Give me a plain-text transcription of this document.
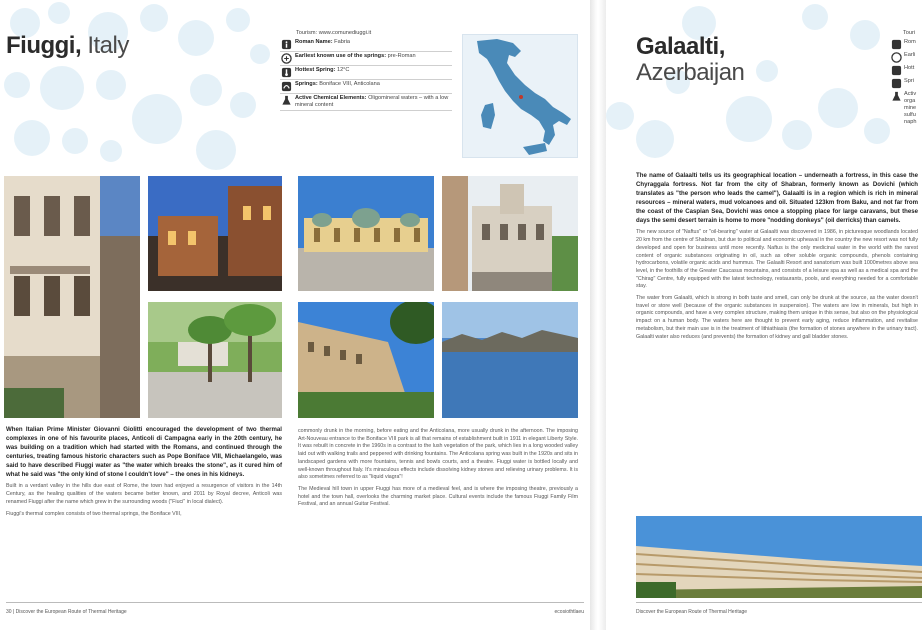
Fiuggi, Italy	Tourism: www.comunediuggi.it
Roman Name: Fabria
Earliest known use of the springs: pre-Roman
Hottest Spring: 12°C
Springs: Boniface VIII, Anticolana
Active Chemical Elements: Oligomineral waters – with a low mineral content

When Italian Prime Minister Giovanni Giolitti encouraged the development of two thermal complexes in one of his favourite places, Anticoli di Campagna early in the 20th century, he was building on a tradition which had started with the Romans, and continued through the centuries, treating famous historic characters such as Pope Boniface VIII, Michaelangelo, was said to have described Fiuggi water as "the water which breaks the stone", as it cured him of what he said was "the only kind of stone I couldn't love" – the ones in his kidneys.

Built in a verdant valley in the hills due east of Rome, the town had enjoyed a resurgence of visitors in the 14th Century, as the healing qualities of the waters became better known, and 2011 by Royal decree, Anticoli was renamed Fiuggi after the name which grew in the surrounding woods ("Fiuci" in local dialect).

Fiuggi's thermal complex consists of two thermal springs, the Boniface VIII,

commonly drunk in the morning, before eating and the Anticolana, more usually drunk in the afternoon. The imposing Art-Nouveau entrance to the Boniface VIII park is all that remains of establishment built in 1911 in elegant Liberty Style. It was rebuilt in concrete in the 1960s in a contrast to the lush vegetation of the park, which lies in a long wooded valley laid out with walking trails and peppered with drinking fountains. The Anticolana spring was built in the 1920s and sits in landscaped gardens with more fountains, tennis and bowls courts, and a theatre. Fiuggi water is bottled locally and well-known throughout Italy. It's miraculous effects include dissolving kidney stones and relieving urinary problems. It is also sometimes referred to as "liquid viagra"!

The Medieval hill town in upper Fiuggi has more of a medieval feel, and is where the imposing theatre, previously a hotel and the town hall, overlooks the charming market place. Cultural events include the famous Fiuggi Family Film Festival, and an annual Guitar Festival.

30 | Discover the European Route of Thermal Heritage	ecosiothtlaeu
Galaalti,
Azerbaijan
Touri
Rom
Earli
Hott
Spri
Activ orga mine sulfu naph

The name of Galaalti tells us its geographical location – underneath a fortress, in this case the Chyraggala fortress. Not far from the city of Shabran, formerly known as Dovichi (which translates as "the person who leads the camel"), Galaalti is in a region which is rich in mineral resources – mineral waters, mud volcanoes and oil. Situated 123km from Baku, and not far from the coast of the Caspian Sea, Dovichi was once a stopping place for large caravans, but these days the semi desert terrain is home to more "nodding donkeys" (oil derricks) than camels.

The new source of "Naftus" or "oil-bearing" water at Galaalti was discovered in 1986, in picturesque woodlands located 20 km from the centre of Shabran, but due to political and economic upheaval in the country the new resort was not fully developed and open for business until more recently. Naftus is the only medicinal water in the world with the rarest content of organic substances originating in oil, such as other soluble organic compounds, phenols containing hydrocarbons, volatile organic acids and hummus. The Galaalti Resort and sanatorium was built 1000metres above sea level, in the foothills of the Greater Caucasus mountains, and consists of a leisure spa as well as a medical spa and the "Chirag" Centre, fully equipped with the latest technology, restaurants, pools, and everything needed for a comfortable stay.

The water from Galaalti, which is strong in both taste and smell, can only be drunk at the source, as the water doesn't travel or store well (because of the organic substances in suspension). The waters are low in minerals, but high in organic compounds, and have a very complex structure, making them unique in this sense, but also on the physiological impact on a human body. The waters here are thought to prevent early aging, reduce inflammation, and revitalise metabolism, but their main use is in the treatment of lithiathiasis (the formation of stones anywhere in the urinary tract). Galaalti water also reduces (and prevents) the formation of kidney and gall bladder stones.

Discover the European Route of Thermal Heritage
